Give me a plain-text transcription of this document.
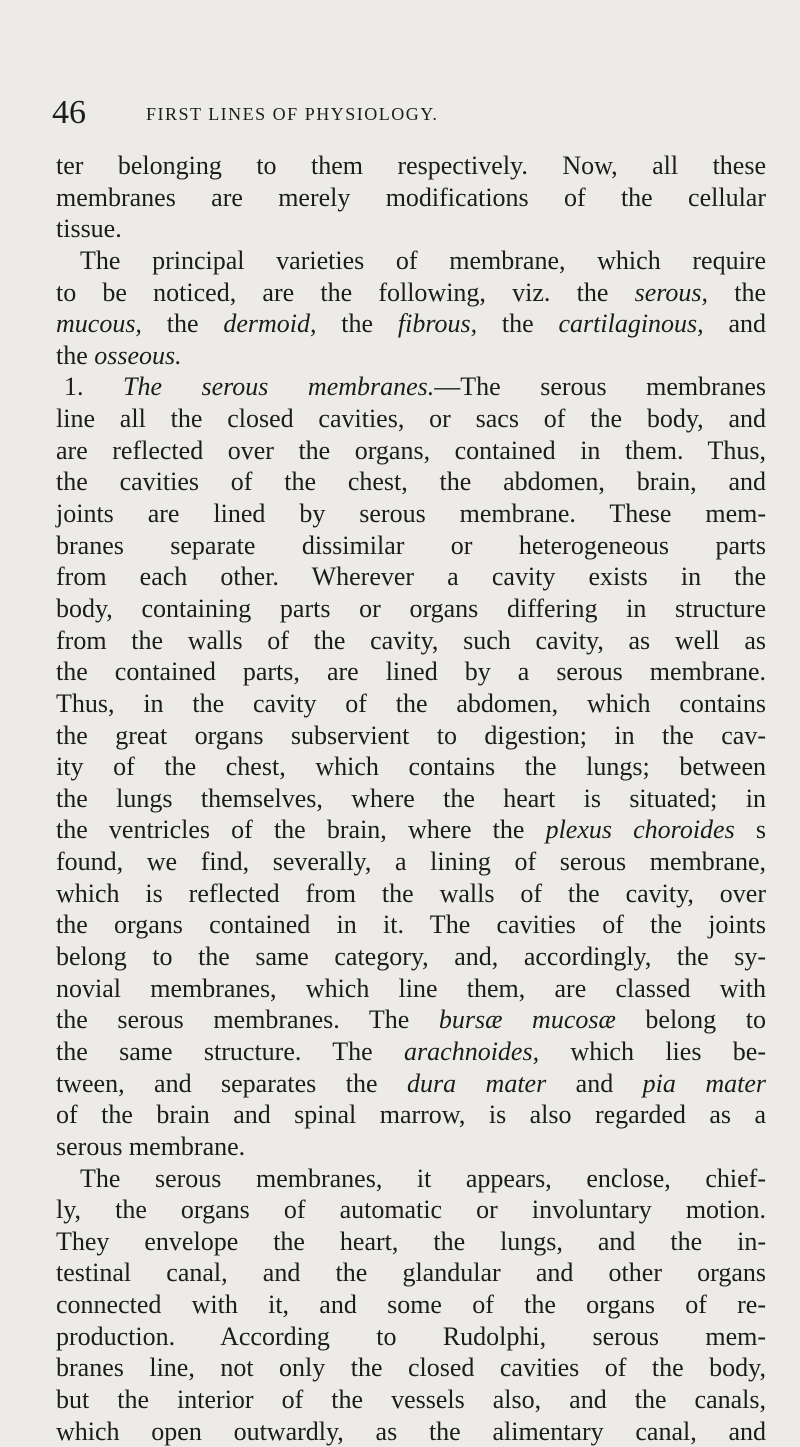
46	FIRST LINES OF PHYSIOLOGY.
ter belonging to them respectively. Now, all these
membranes are merely modifications of the cellular
tissue.
The principal varieties of membrane, which require
to be noticed, are the following, viz. the serous, the
mucous, the dermoid, the fibrous, the cartilaginous, and
the osseous.
1. The serous membranes.—The serous membranes
line all the closed cavities, or sacs of the body, and
are reflected over the organs, contained in them. Thus,
the cavities of the chest, the abdomen, brain, and
joints are lined by serous membrane. These mem-
branes separate dissimilar or heterogeneous parts
from each other. Wherever a cavity exists in the
body, containing parts or organs differing in structure
from the walls of the cavity, such cavity, as well as
the contained parts, are lined by a serous membrane.
Thus, in the cavity of the abdomen, which contains
the great organs subservient to digestion; in the cav-
ity of the chest, which contains the lungs; between
the lungs themselves, where the heart is situated; in
the ventricles of the brain, where the plexus choroides s
found, we find, severally, a lining of serous membrane,
which is reflected from the walls of the cavity, over
the organs contained in it. The cavities of the joints
belong to the same category, and, accordingly, the sy-
novial membranes, which line them, are classed with
the serous membranes. The bursæ mucosæ belong to
the same structure. The arachnoides, which lies be-
tween, and separates the dura mater and pia mater
of the brain and spinal marrow, is also regarded as a
serous membrane.
The serous membranes, it appears, enclose, chief-
ly, the organs of automatic or involuntary motion.
They envelope the heart, the lungs, and the in-
testinal canal, and the glandular and other organs
connected with it, and some of the organs of re-
production. According to Rudolphi, serous mem-
branes line, not only the closed cavities of the body,
but the interior of the vessels also, and the canals,
which open outwardly, as the alimentary canal, and
